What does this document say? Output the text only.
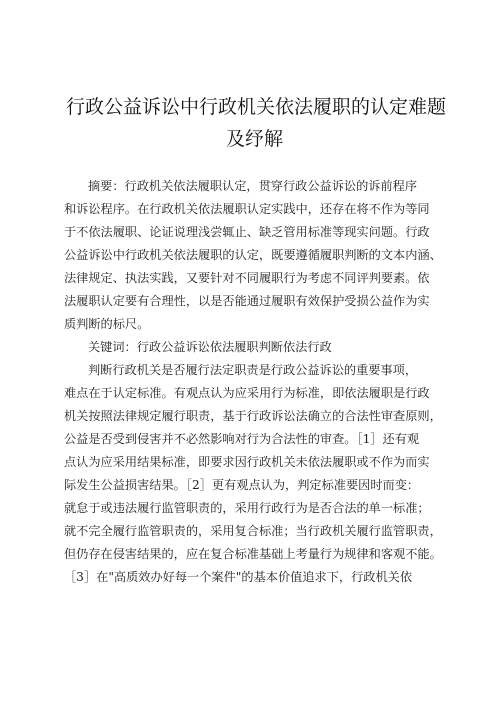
行政公益诉讼中行政机关依法履职的认定难题
及纾解
摘要：行政机关依法履职认定，贯穿行政公益诉讼的诉前程序
和诉讼程序。在行政机关依法履职认定实践中，还存在将不作为等同
于不依法履职、论证说理浅尝辄止、缺乏管用标准等现实问题。行政
公益诉讼中行政机关依法履职的认定，既要遵循履职判断的文本内涵、
法律规定、执法实践，又要针对不同履职行为考虑不同评判要素。依
法履职认定要有合理性，以是否能通过履职有效保护受损公益作为实
质判断的标尺。
关键词：行政公益诉讼依法履职判断依法行政
判断行政机关是否履行法定职责是行政公益诉讼的重要事项，
难点在于认定标准。有观点认为应采用行为标准，即依法履职是行政
机关按照法律规定履行职责，基于行政诉讼法确立的合法性审查原则，
公益是否受到侵害并不必然影响对行为合法性的审查。［1］还有观
点认为应采用结果标准，即要求因行政机关未依法履职或不作为而实
际发生公益损害结果。［2］更有观点认为，判定标准要因时而变：
就怠于或违法履行监管职责的，采用行政行为是否合法的单一标准；
就不完全履行监管职责的，采用复合标准；当行政机关履行监管职责，
但仍存在侵害结果的，应在复合标准基础上考量行为规律和客观不能。
［3］在"高质效办好每一个案件"的基本价值追求下，行政机关依
